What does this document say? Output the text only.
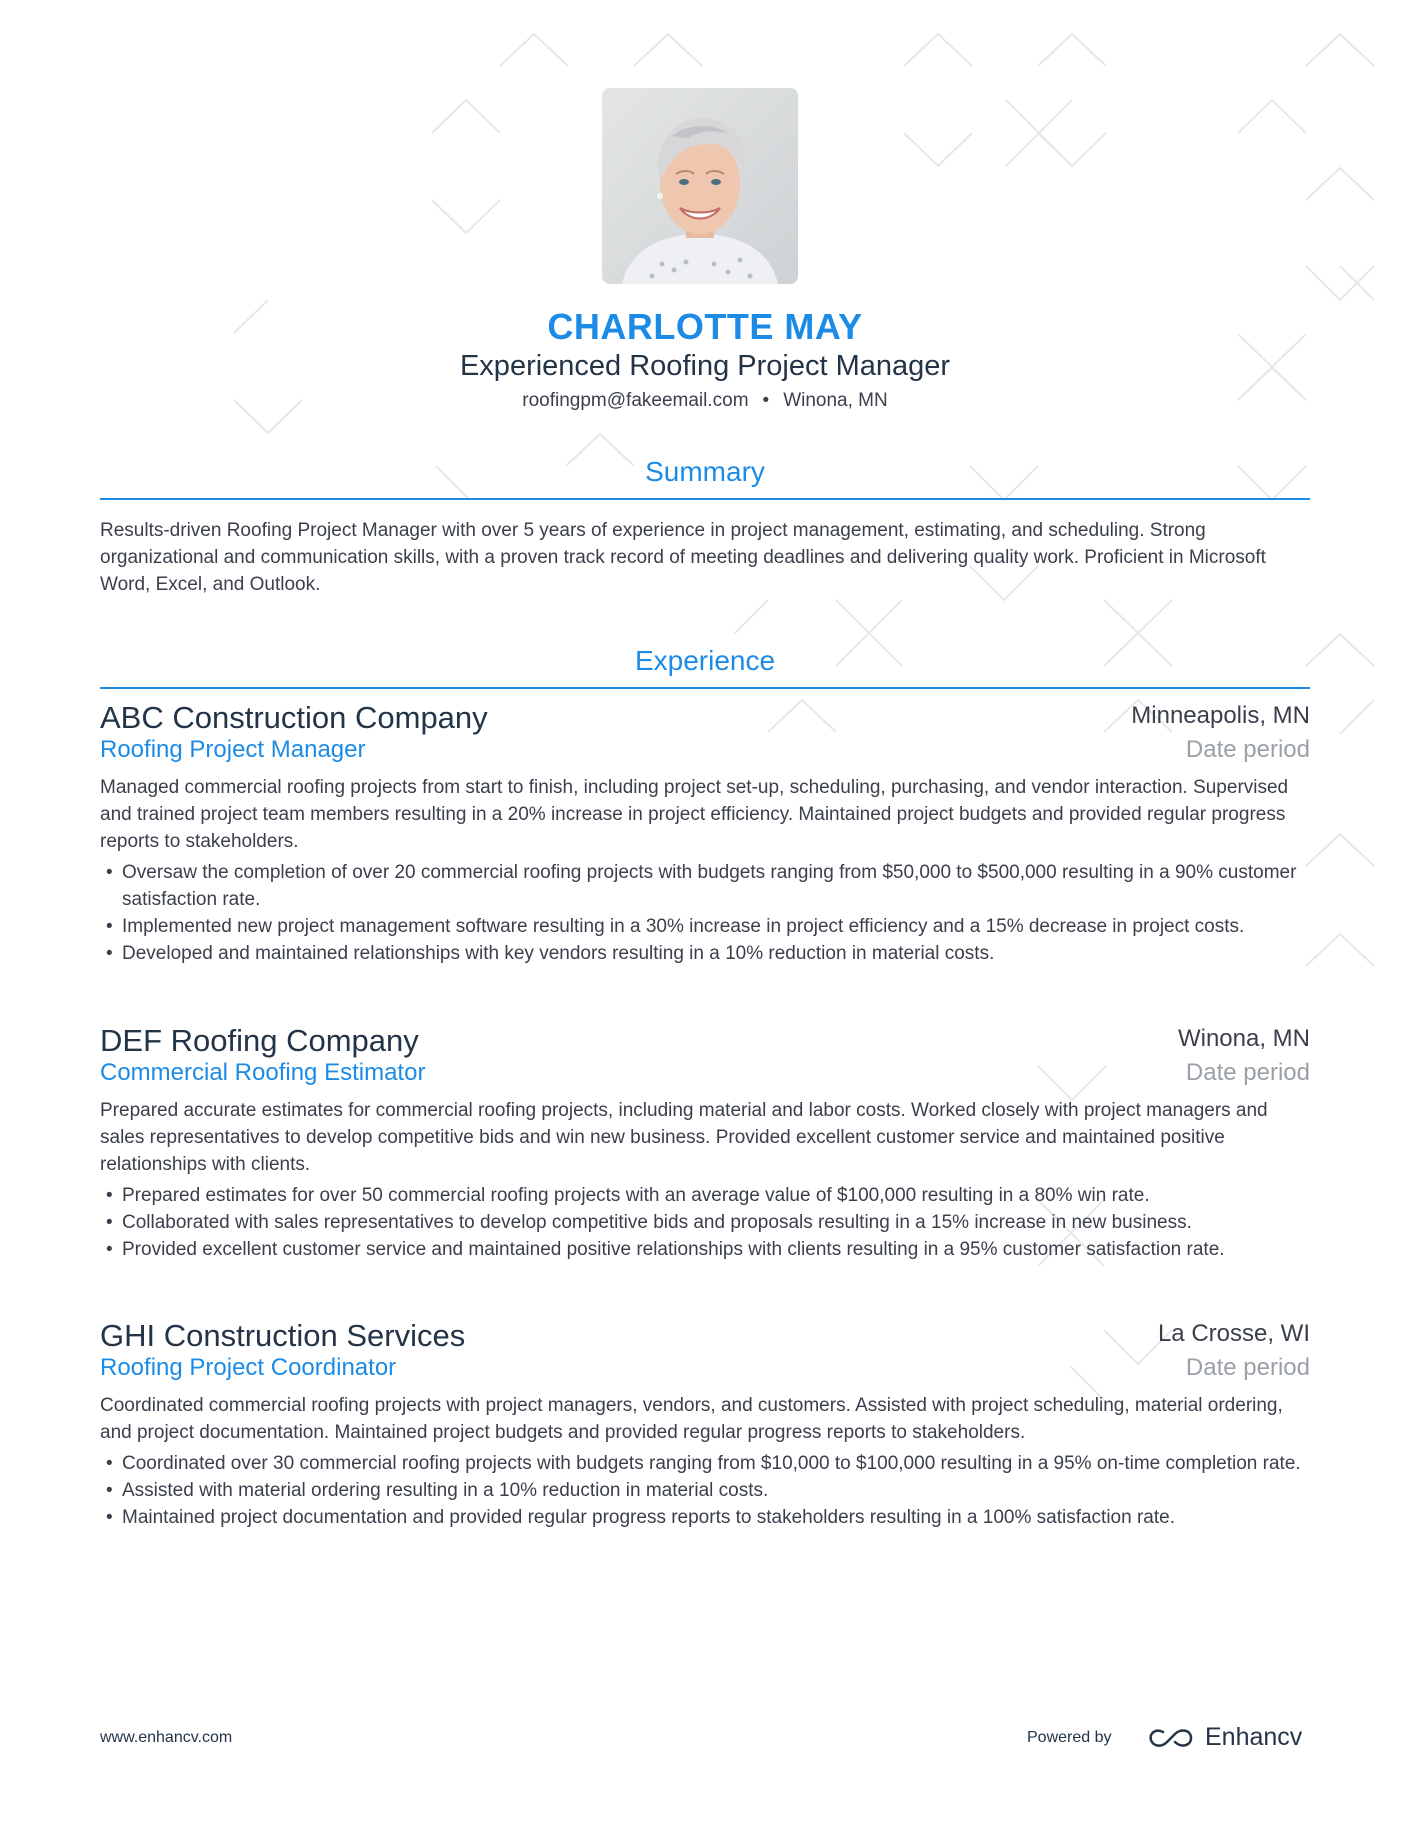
CHARLOTTE MAY
Experienced Roofing Project Manager
roofingpm@fakeemail.com • Winona, MN
Summary
Results-driven Roofing Project Manager with over 5 years of experience in project management, estimating, and scheduling. Strong organizational and communication skills, with a proven track record of meeting deadlines and delivering quality work. Proficient in Microsoft Word, Excel, and Outlook.
Experience
ABC Construction Company	Minneapolis, MN
Roofing Project Manager	Date period
Managed commercial roofing projects from start to finish, including project set-up, scheduling, purchasing, and vendor interaction. Supervised and trained project team members resulting in a 20% increase in project efficiency. Maintained project budgets and provided regular progress reports to stakeholders.
• Oversaw the completion of over 20 commercial roofing projects with budgets ranging from $50,000 to $500,000 resulting in a 90% customer satisfaction rate.
• Implemented new project management software resulting in a 30% increase in project efficiency and a 15% decrease in project costs.
• Developed and maintained relationships with key vendors resulting in a 10% reduction in material costs.
DEF Roofing Company	Winona, MN
Commercial Roofing Estimator	Date period
Prepared accurate estimates for commercial roofing projects, including material and labor costs. Worked closely with project managers and sales representatives to develop competitive bids and win new business. Provided excellent customer service and maintained positive relationships with clients.
• Prepared estimates for over 50 commercial roofing projects with an average value of $100,000 resulting in a 80% win rate.
• Collaborated with sales representatives to develop competitive bids and proposals resulting in a 15% increase in new business.
• Provided excellent customer service and maintained positive relationships with clients resulting in a 95% customer satisfaction rate.
GHI Construction Services	La Crosse, WI
Roofing Project Coordinator	Date period
Coordinated commercial roofing projects with project managers, vendors, and customers. Assisted with project scheduling, material ordering, and project documentation. Maintained project budgets and provided regular progress reports to stakeholders.
• Coordinated over 30 commercial roofing projects with budgets ranging from $10,000 to $100,000 resulting in a 95% on-time completion rate.
• Assisted with material ordering resulting in a 10% reduction in material costs.
• Maintained project documentation and provided regular progress reports to stakeholders resulting in a 100% satisfaction rate.
www.enhancv.com	Powered by	Enhancv
